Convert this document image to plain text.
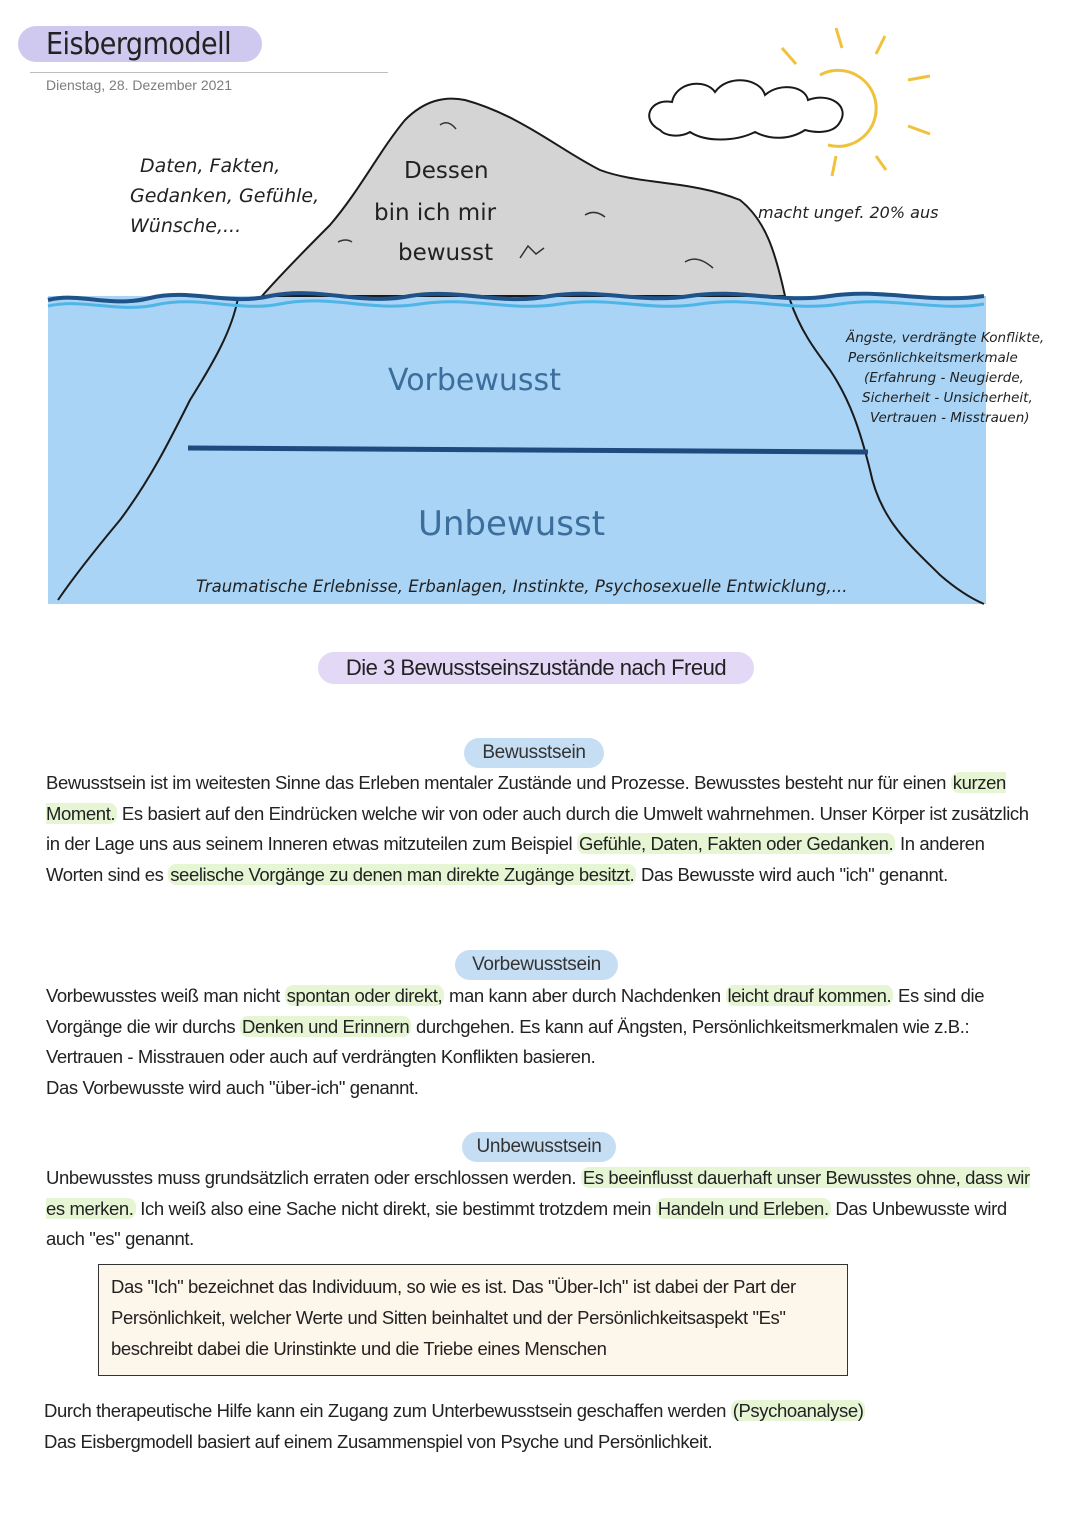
Eisbergmodell
Dienstag, 28. Dezember 2021
Daten, Fakten,
Gedanken, Gefühle,
Wünsche,...
Dessen
bin ich mir
bewusst
macht ungef. 20% aus
Ängste, verdrängte Konflikte,
Persönlichkeitsmerkmale
(Erfahrung - Neugierde,
Sicherheit - Unsicherheit,
Vertrauen - Misstrauen)
Vorbewusst
Unbewusst
Traumatische Erlebnisse, Erbanlagen, Instinkte, Psychosexuelle Entwicklung,...
Die 3 Bewusstseinszustände nach Freud
Bewusstsein
Bewusstsein ist im weitesten Sinne das Erleben mentaler Zustände und Prozesse. Bewusstes besteht nur für einen kurzen Moment. Es basiert auf den Eindrücken welche wir von oder auch durch die Umwelt wahrnehmen. Unser Körper ist zusätzlich in der Lage uns aus seinem Inneren etwas mitzuteilen zum Beispiel Gefühle, Daten, Fakten oder Gedanken. In anderen Worten sind es seelische Vorgänge zu denen man direkte Zugänge besitzt. Das Bewusste wird auch "ich" genannt.
Vorbewusstsein
Vorbewusstes weiß man nicht spontan oder direkt, man kann aber durch Nachdenken leicht drauf kommen. Es sind die Vorgänge die wir durchs Denken und Erinnern durchgehen. Es kann auf Ängsten, Persönlichkeitsmerkmalen wie z.B.: Vertrauen - Misstrauen oder auch auf verdrängten Konflikten basieren.
Das Vorbewusste wird auch "über-ich" genannt.
Unbewusstsein
Unbewusstes muss grundsätzlich erraten oder erschlossen werden. Es beeinflusst dauerhaft unser Bewusstes ohne, dass wir es merken. Ich weiß also eine Sache nicht direkt, sie bestimmt trotzdem mein Handeln und Erleben. Das Unbewusste wird auch "es" genannt.
Das "Ich" bezeichnet das Individuum, so wie es ist. Das "Über-Ich" ist dabei der Part der Persönlichkeit, welcher Werte und Sitten beinhaltet und der Persönlichkeitsaspekt "Es" beschreibt dabei die Urinstinkte und die Triebe eines Menschen
Durch therapeutische Hilfe kann ein Zugang zum Unterbewusstsein geschaffen werden (Psychoanalyse)
Das Eisbergmodell basiert auf einem Zusammenspiel von Psyche und Persönlichkeit.
